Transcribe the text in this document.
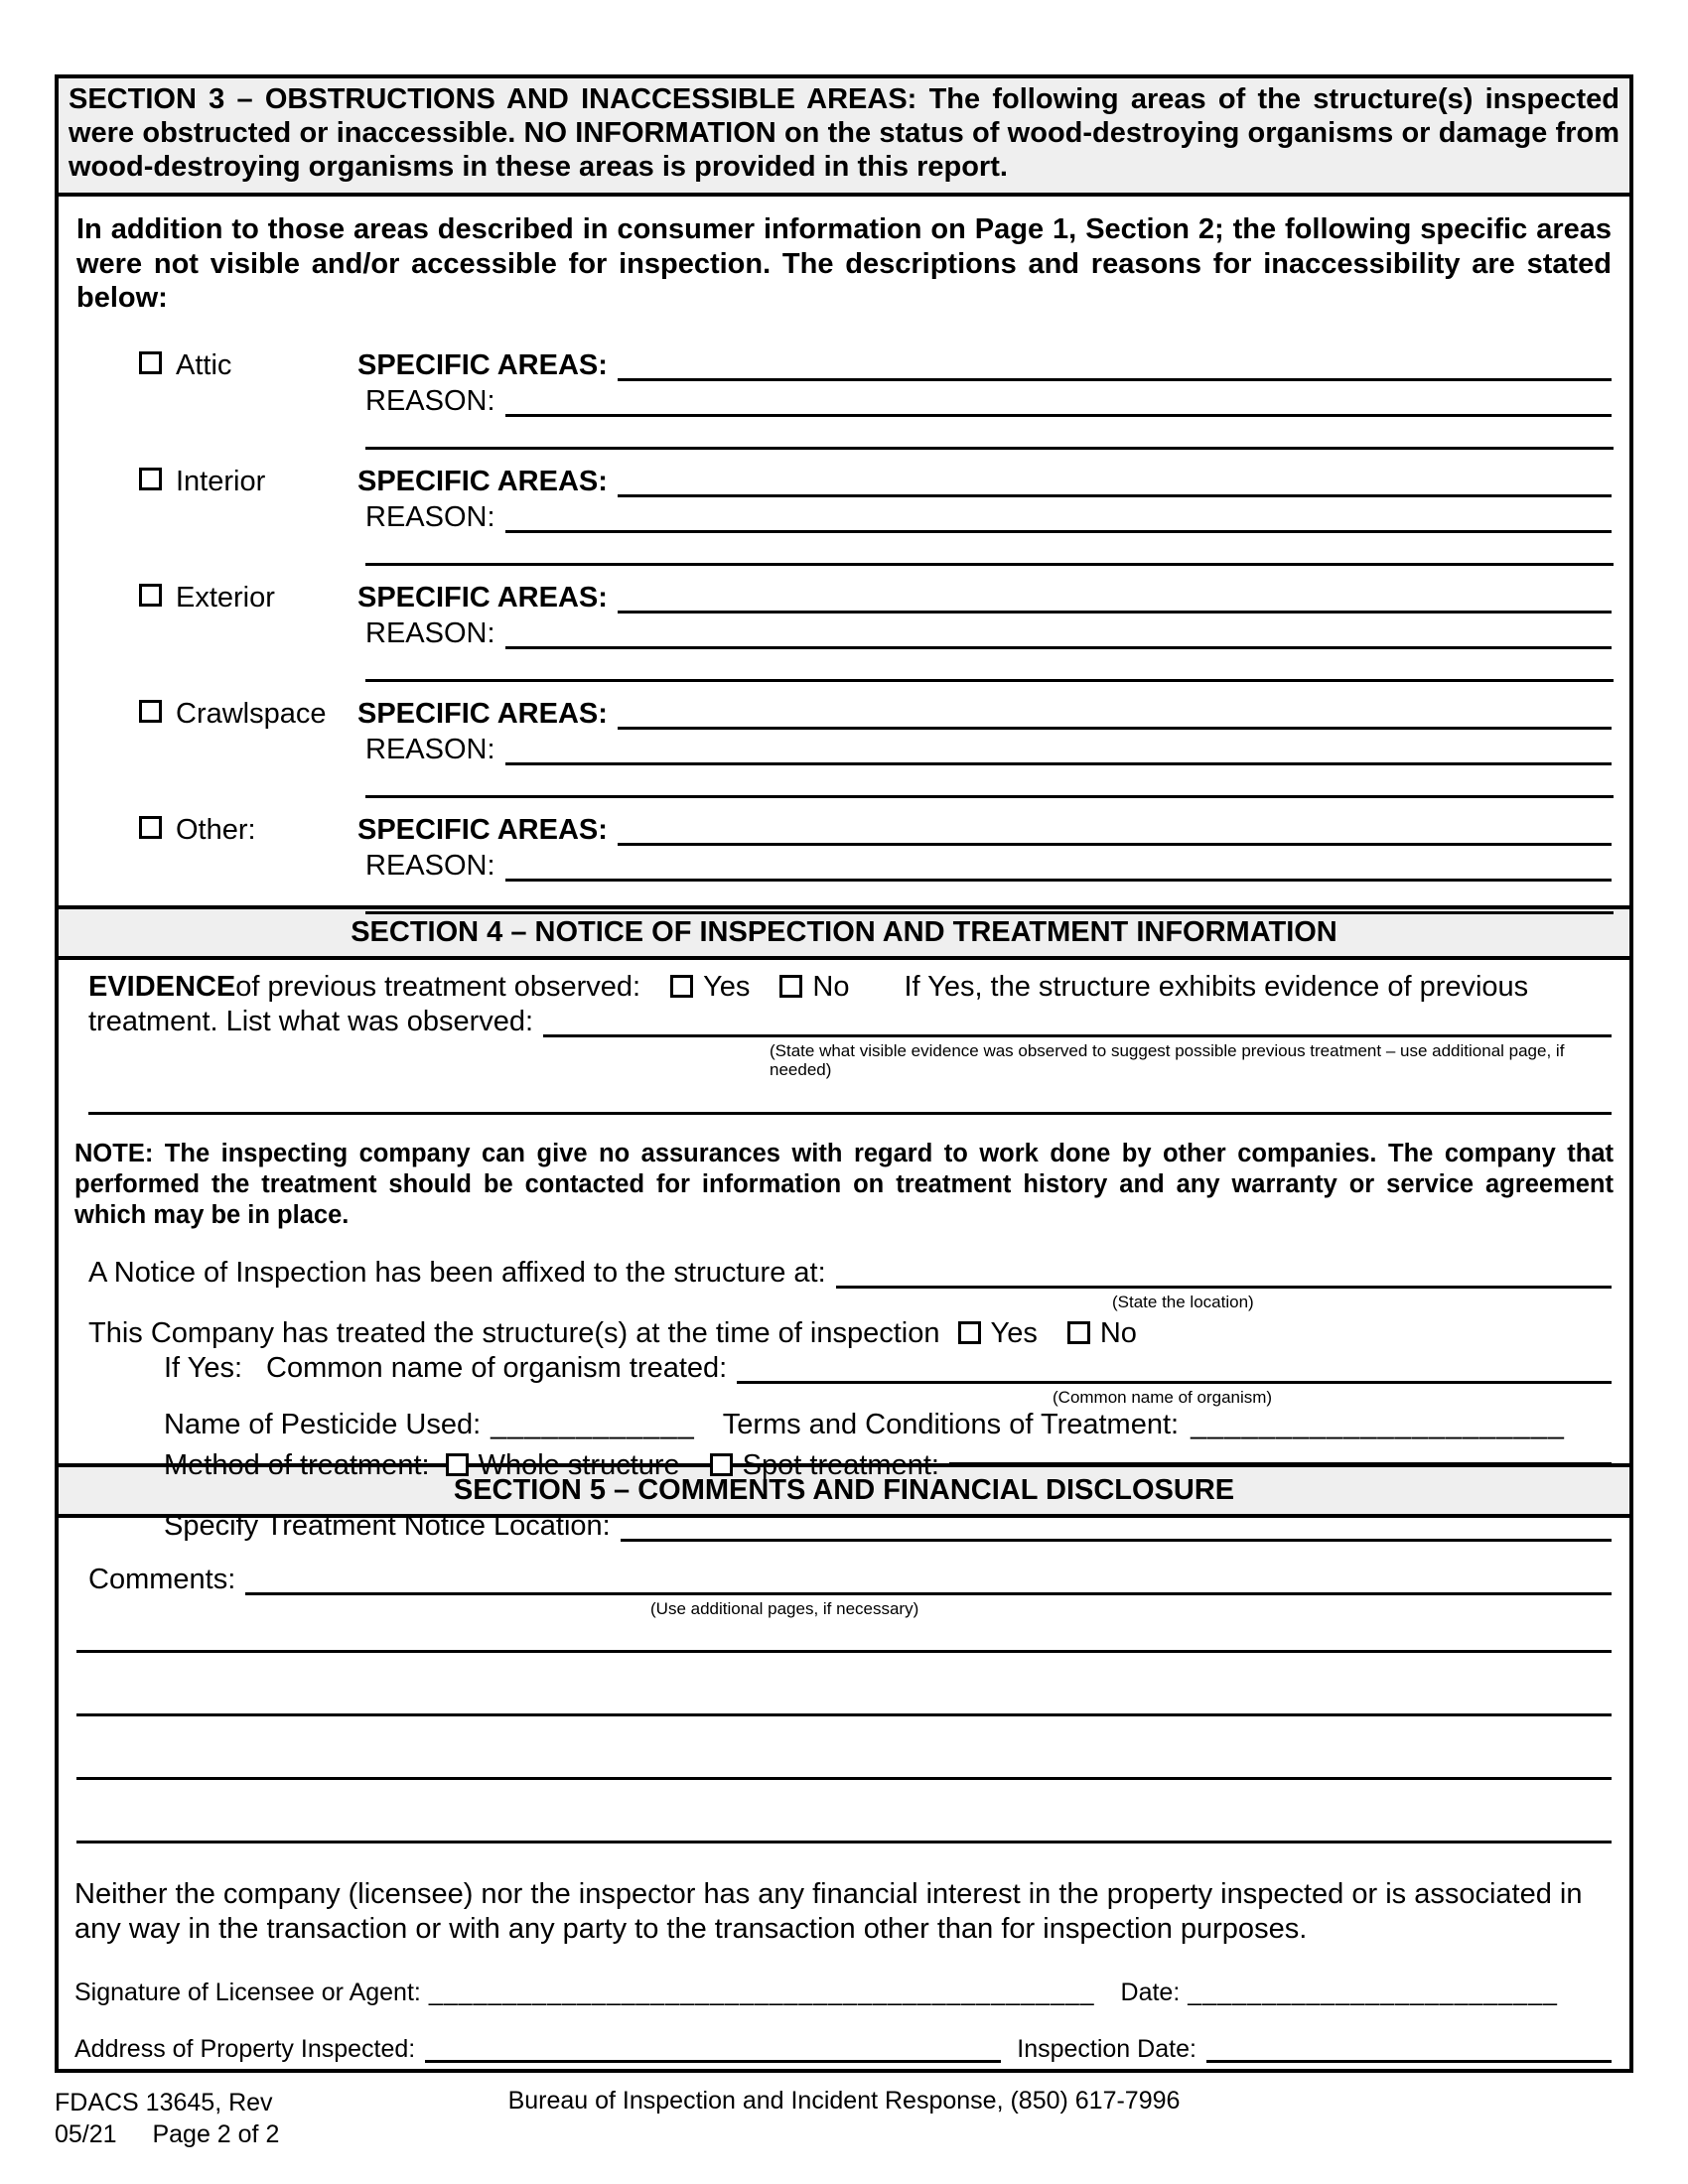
SECTION 3 – OBSTRUCTIONS AND INACCESSIBLE AREAS: The following areas of the structure(s) inspected were obstructed or inaccessible. NO INFORMATION on the status of wood-destroying organisms or damage from wood-destroying organisms in these areas is provided in this report.
In addition to those areas described in consumer information on Page 1, Section 2; the following specific areas were not visible and/or accessible for inspection. The descriptions and reasons for inaccessibility are stated below:
Attic	SPECIFIC AREAS:
REASON:
Interior	SPECIFIC AREAS:
REASON:
Exterior	SPECIFIC AREAS:
REASON:
Crawlspace	SPECIFIC AREAS:
REASON:
Other:	SPECIFIC AREAS:
REASON:
SECTION 4 – NOTICE OF INSPECTION AND TREATMENT INFORMATION
EVIDENCE of previous treatment observed: Yes No If Yes, the structure exhibits evidence of previous
treatment. List what was observed:
(State what visible evidence was observed to suggest possible previous treatment – use additional page, if needed)
NOTE: The inspecting company can give no assurances with regard to work done by other companies. The company that performed the treatment should be contacted for information on treatment history and any warranty or service agreement which may be in place.
A Notice of Inspection has been affixed to the structure at:
(State the location)
This Company has treated the structure(s) at the time of inspection Yes No
If Yes: Common name of organism treated:
(Common name of organism)
Name of Pesticide Used: ____________ Terms and Conditions of Treatment: ______________________
Method of treatment: Whole structure Spot treatment:
Specify Treatment Notice Location:
SECTION 5 – COMMENTS AND FINANCIAL DISCLOSURE
Comments:
(Use additional pages, if necessary)
Neither the company (licensee) nor the inspector has any financial interest in the property inspected or is associated in any way in the transaction or with any party to the transaction other than for inspection purposes.
Signature of Licensee or Agent: _____________________________________________ Date: _________________________
Address of Property Inspected:	Inspection Date:
FDACS 13645, Rev
05/21 Page 2 of 2
Bureau of Inspection and Incident Response, (850) 617-7996
